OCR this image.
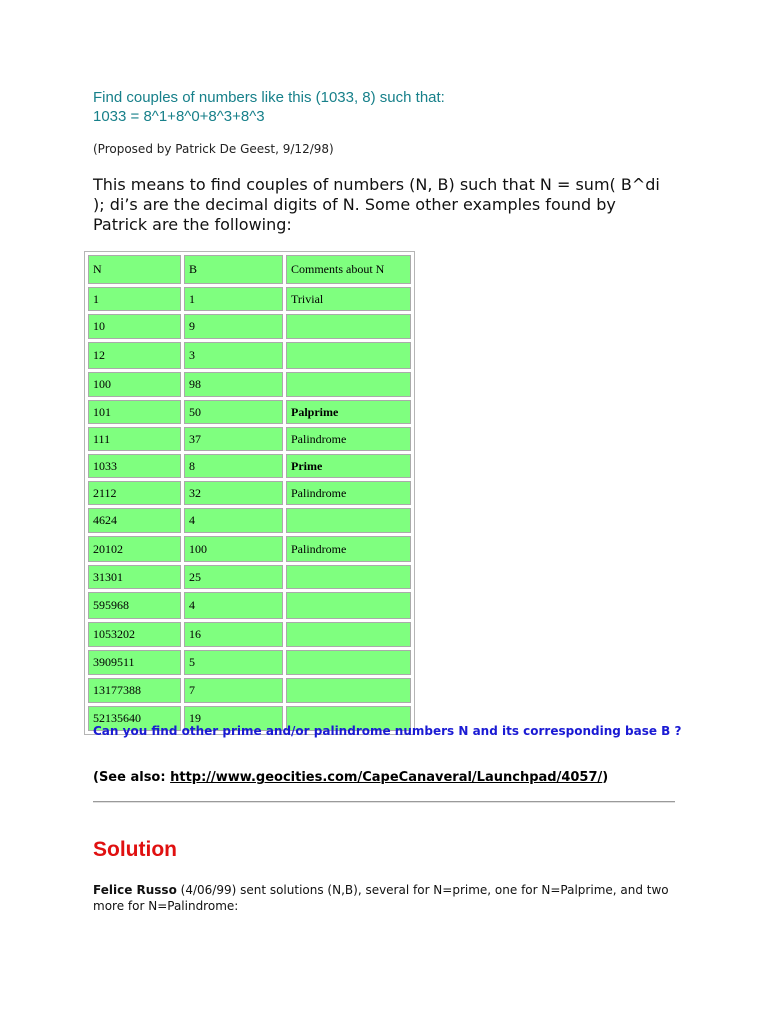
Find couples of numbers like this (1033, 8) such that:
1033 = 8^1+8^0+8^3+8^3
(Proposed by Patrick De Geest, 9/12/98)
This means to find couples of numbers (N, B) such that N = sum( B^di ); di’s are the decimal digits of N. Some other examples found by Patrick are the following:
N	B	Comments about N
1	1	Trivial
10	9	
12	3	
100	98	
101	50	Palprime
111	37	Palindrome
1033	8	Prime
2112	32	Palindrome
4624	4	
20102	100	Palindrome
31301	25	
595968	4	
1053202	16	
3909511	5	
13177388	7	
52135640	19	
Can you find other prime and/or palindrome numbers N and its corresponding base B ?
(See also: http://www.geocities.com/CapeCanaveral/Launchpad/4057/)
Solution
Felice Russo (4/06/99) sent solutions (N,B), several for N=prime, one for N=Palprime, and two more for N=Palindrome:
